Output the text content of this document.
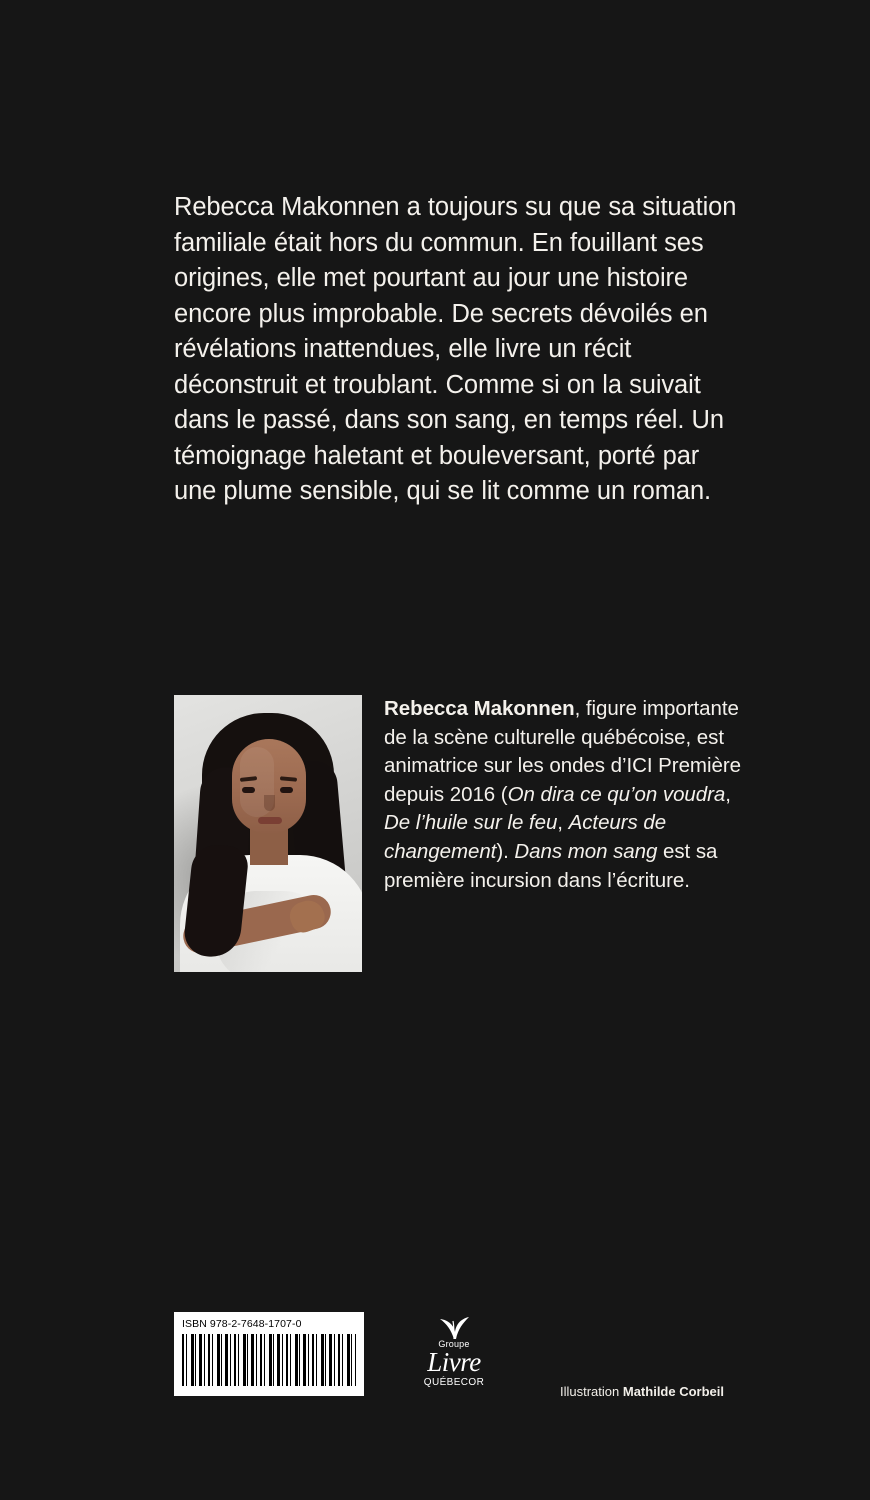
Rebecca Makonnen a toujours su que sa situation familiale était hors du commun. En fouillant ses origines, elle met pourtant au jour une histoire encore plus improbable. De secrets dévoilés en révélations inattendues, elle livre un récit déconstruit et troublant. Comme si on la suivait dans le passé, dans son sang, en temps réel. Un témoignage haletant et bouleversant, porté par une plume sensible, qui se lit comme un roman.

Rebecca Makonnen, figure importante de la scène culturelle québécoise, est animatrice sur les ondes d’ICI Première depuis 2016 (On dira ce qu’on voudra, De l’huile sur le feu, Acteurs de changement). Dans mon sang est sa première incursion dans l’écriture.
ISBN 978-2-7648-1707-0
Groupe
Livre
QUÉBECOR
Illustration Mathilde Corbeil
